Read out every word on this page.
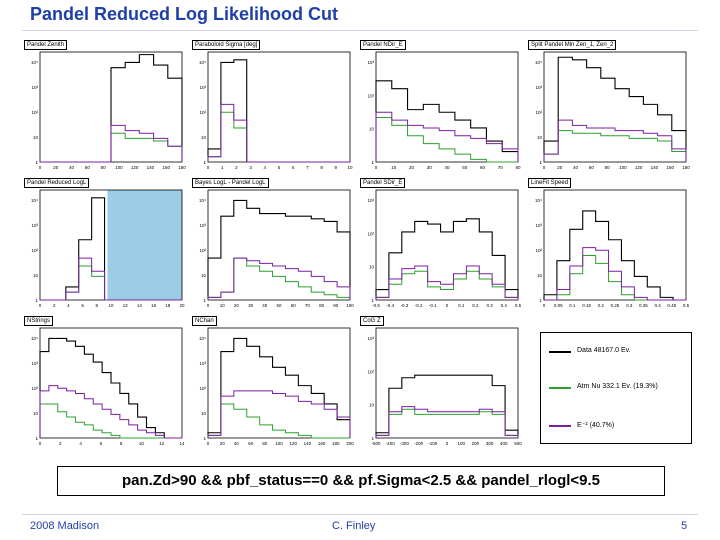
Pandel Reduced Log Likelihood Cut
1
10
10²
10³
10⁴
0	20 40 60 80 100 120 140 160 180
Pandel Zenith
1
10
10²
10³
10⁴
0	1	2	3	4	5	6	7	8	9 10
Paraboloid Sigma [deg]
1
10
10²
10³
0	10	20	30	40	50	60	70	80
Pandel NDir_E
1
10
10²
10³
10⁴
0	20 40 60 80 100 120 140 160 180
Split Pandel Min Zen_1, Zen_2
1
10
10²
10³
10⁴
0	2	4	6	8 10 12 14 16 18 20
Pandel Reduced LogL
1
10
10²
10³
10⁴
0 10 20 30 40 50 60 70 80 90 100
Bayes LogL - Pandel LogL
1
10
10²
10³
-0.5 -0.4 -0.3 -0.2 -0.1 0 0.1 0.2 0.3 0.4 0.5
Pandel SDir_E
1
10
10²
10³
10⁴
0 0.05 0.1 0.15 0.2 0.25 0.3 0.35 0.4 0.45 0.5
LineFit Speed
1
10
10²
10³
10⁴
0	2	4	6	8	10	12	14
NStrings
1
10
10²
10³
10⁴
0 20 40 60 80 100 120 140 160 180 200
NChan
1
10
10²
10³
-500 -400 -300 -200 -100 0 100 200 300 400 500
CoG Z
Data 48167.0 Ev.
Atm Nu 332.1 Ev. (19.3%)
E⁻² (40.7%)
pan.Zd>90 && pbf_status==0 && pf.Sigma<2.5 && pandel_rlogl<9.5
2008 Madison	C. Finley	5
